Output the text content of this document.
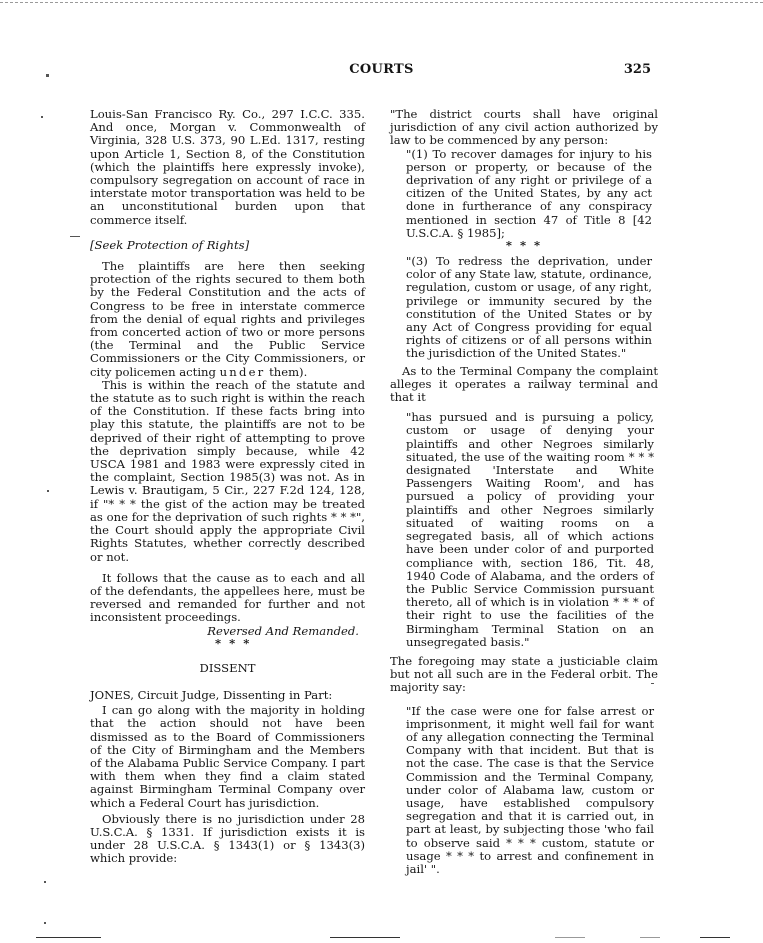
COURTS	325

Louis-San Francisco Ry. Co., 297 I.C.C. 335. And once, Morgan v. Commonwealth of Virginia, 328 U.S. 373, 90 L.Ed. 1317, resting upon Article 1, Section 8, of the Constitution (which the plaintiffs here expressly invoke), compulsory segregation on account of race in interstate motor transportation was held to be an unconstitutional burden upon that commerce itself.

[Seek Protection of Rights]

The plaintiffs are here then seeking protection of the rights secured to them both by the Federal Constitution and the acts of Congress to be free in interstate commerce from the denial of equal rights and privileges from concerted action of two or more persons (the Terminal and the Public Service Commissioners or the City Commissioners, or city policemen acting under them).

This is within the reach of the statute and the statute as to such right is within the reach of the Constitution. If these facts bring into play this statute, the plaintiffs are not to be deprived of their right of attempting to prove the deprivation simply because, while 42 USCA 1981 and 1983 were expressly cited in the complaint, Section 1985(3) was not. As in Lewis v. Brautigam, 5 Cir., 227 F.2d 124, 128, if "* * * the gist of the action may be treated as one for the deprivation of such rights * * *", the Court should apply the appropriate Civil Rights Statutes, whether correctly described or not.

It follows that the cause as to each and all of the defendants, the appellees here, must be reversed and remanded for further and not inconsistent proceedings.

Reversed And Remanded.

* * *

DISSENT

JONES, Circuit Judge, Dissenting in Part:

I can go along with the majority in holding that the action should not have been dismissed as to the Board of Commissioners of the City of Birmingham and the Members of the Alabama Public Service Company. I part with them when they find a claim stated against Birmingham Terminal Company over which a Federal Court has jurisdiction.

Obviously there is no jurisdiction under 28 U.S.C.A. § 1331. If jurisdiction exists it is under 28 U.S.C.A. § 1343(1) or § 1343(3) which provide:

"The district courts shall have original jurisdiction of any civil action authorized by law to be commenced by any person:

"(1) To recover damages for injury to his person or property, or because of the deprivation of any right or privilege of a citizen of the United States, by any act done in furtherance of any conspiracy mentioned in section 47 of Title 8 [42 U.S.C.A. § 1985];

* * *

"(3) To redress the deprivation, under color of any State law, statute, ordinance, regulation, custom or usage, of any right, privilege or immunity secured by the constitution of the United States or by any Act of Congress providing for equal rights of citizens or of all persons within the jurisdiction of the United States."

As to the Terminal Company the complaint alleges it operates a railway terminal and that it

"has pursued and is pursuing a policy, custom or usage of denying your plaintiffs and other Negroes similarly situated, the use of the waiting room * * * designated 'Interstate and White Passengers Waiting Room', and has pursued a policy of providing your plaintiffs and other Negroes similarly situated of waiting rooms on a segregated basis, all of which actions have been under color of and purported compliance with, section 186, Tit. 48, 1940 Code of Alabama, and the orders of the Public Service Commission pursuant thereto, all of which is in violation * * * of their right to use the facilities of the Birmingham Terminal Station on an unsegregated basis."

The foregoing may state a justiciable claim but not all such are in the Federal orbit. The majority say:

"If the case were one for false arrest or imprisonment, it might well fail for want of any allegation connecting the Terminal Company with that incident. But that is not the case. The case is that the Service Commission and the Terminal Company, under color of Alabama law, custom or usage, have established compulsory segregation and that it is carried out, in part at least, by subjecting those 'who fail to observe said * * * custom, statute or usage * * * to arrest and confinement in jail' ".
